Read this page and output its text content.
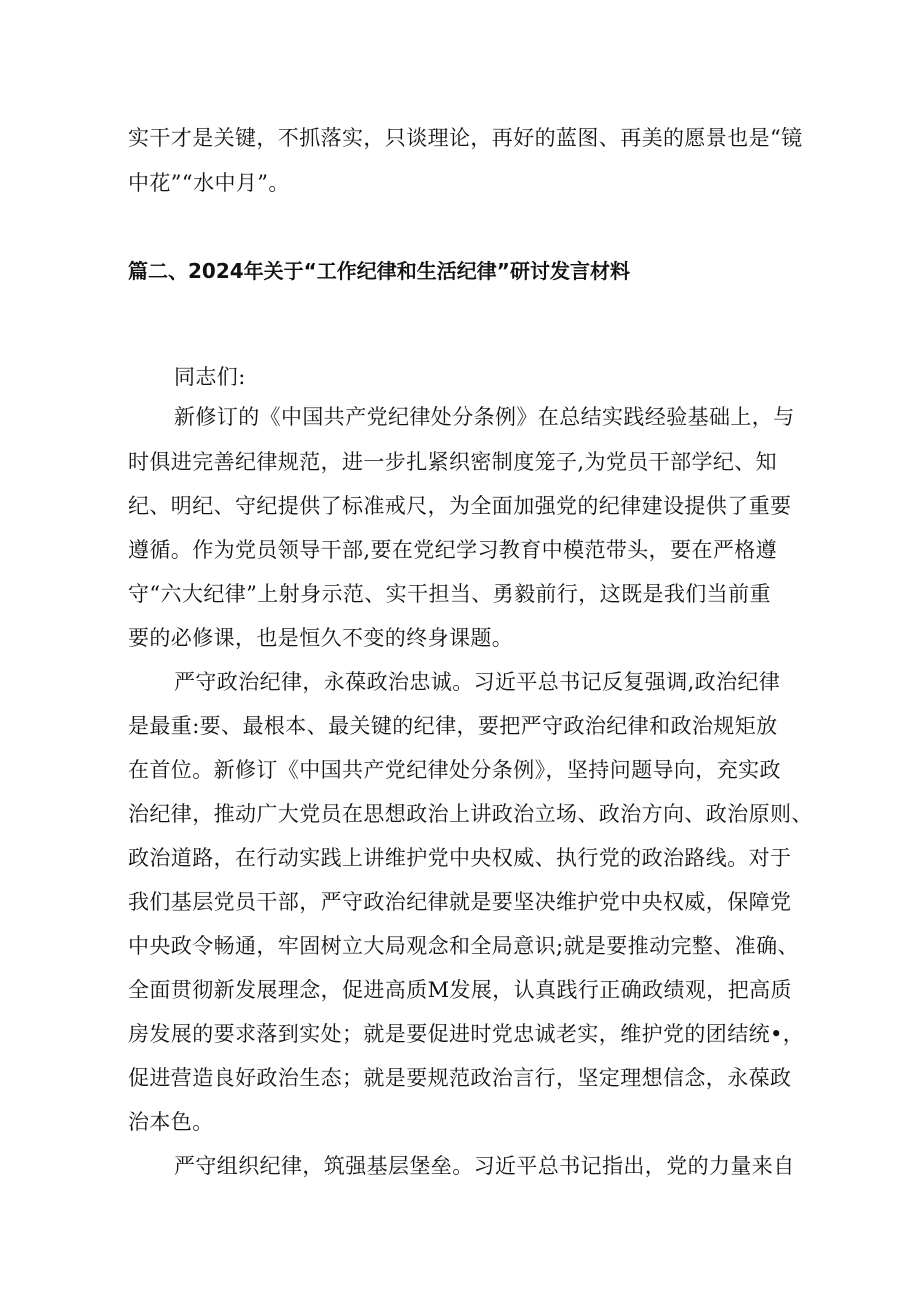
实干才是关键，不抓落实，只谈理论，再好的蓝图、再美的愿景也是“镜
中花”“水中月”。
篇二、2024年关于“工作纪律和生活纪律”研讨发言材料
同志们:
新修订的《中国共产党纪律处分条例》在总结实践经验基础上，与
时俱进完善纪律规范，进一步扎紧织密制度笼子,为党员干部学纪、知
纪、明纪、守纪提供了标准戒尺，为全面加强党的纪律建设提供了重要
遵循。作为党员领导干部,要在党纪学习教育中模范带头，要在严格遵
守“六大纪律”上射身示范、实干担当、勇毅前行，这既是我们当前重
要的必修课，也是恒久不变的终身课题。
严守政治纪律，永葆政治忠诚。习近平总书记反复强调,政治纪律
是最重:要、最根本、最关键的纪律，要把严守政治纪律和政治规矩放
在首位。新修订《中国共产党纪律处分条例》，坚持问题导向，充实政
治纪律，推动广大党员在思想政治上讲政治立场、政治方向、政治原则、
政治道路，在行动实践上讲维护党中央权威、执行党的政治路线。对于
我们基层党员干部，严守政治纪律就是要坚决维护党中央权威，保障党
中央政令畅通，牢固树立大局观念和全局意识;就是要推动完整、准确、
全面贯彻新发展理念，促进高质M发展，认真践行正确政绩观，把高质
房发展的要求落到实处；就是要促进时党忠诚老实，维护党的团结统•，
促进营造良好政治生态；就是要规范政治言行，坚定理想信念，永葆政
治本色。
严守组织纪律，筑强基层堡垒。习近平总书记指出，党的力量来自
